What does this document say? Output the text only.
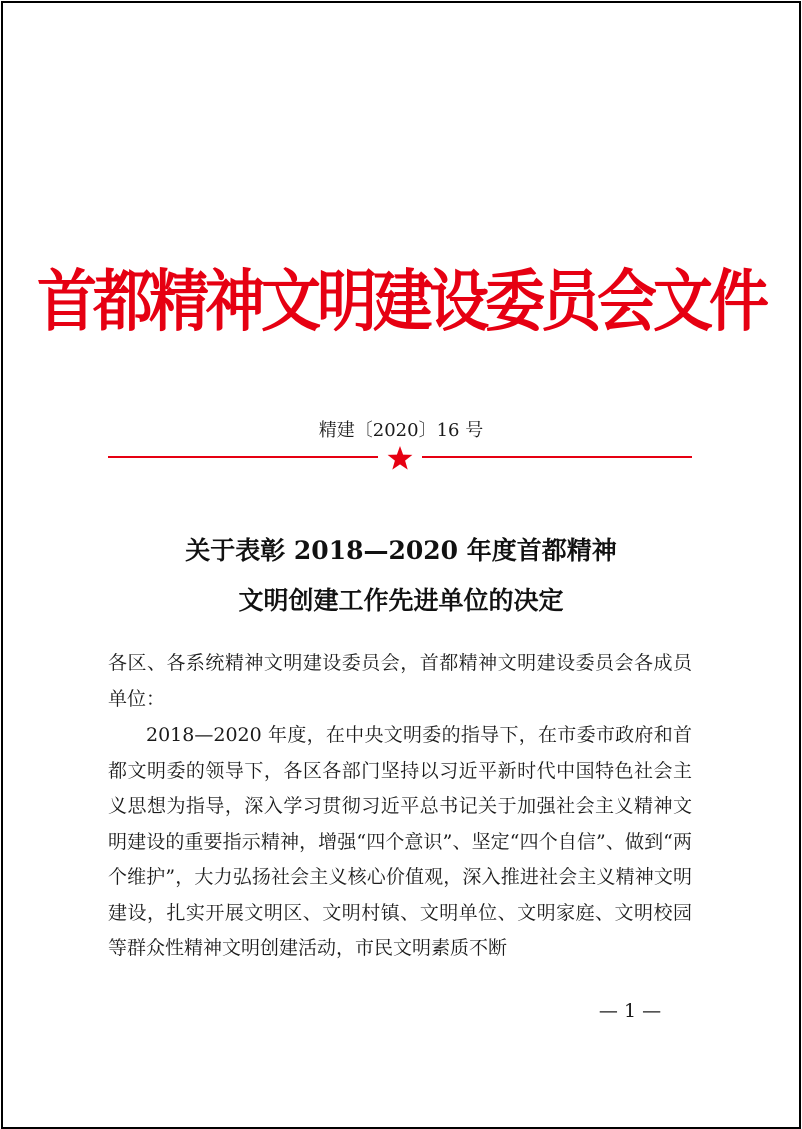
首都精神文明建设委员会文件
精建〔2020〕16 号
关于表彰 2018—2020 年度首都精神
文明创建工作先进单位的决定
各区、各系统精神文明建设委员会，首都精神文明建设委员会各成员单位：
2018—2020 年度，在中央文明委的指导下，在市委市政府和首都文明委的领导下，各区各部门坚持以习近平新时代中国特色社会主义思想为指导，深入学习贯彻习近平总书记关于加强社会主义精神文明建设的重要指示精神，增强“四个意识”、坚定“四个自信”、做到“两个维护”，大力弘扬社会主义核心价值观，深入推进社会主义精神文明建设，扎实开展文明区、文明村镇、文明单位、文明家庭、文明校园等群众性精神文明创建活动，市民文明素质不断
— 1 —
